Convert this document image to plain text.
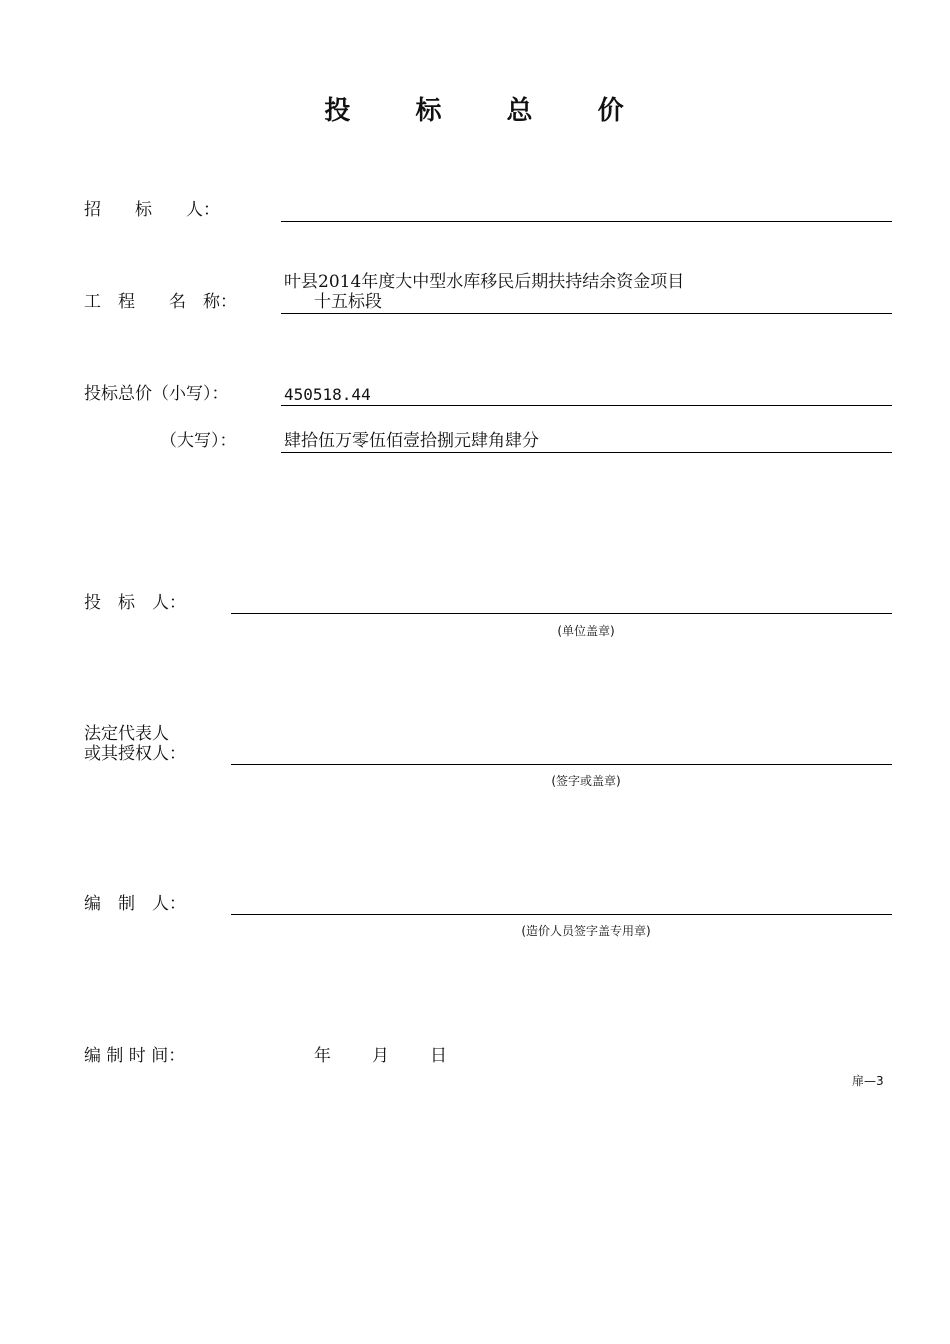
投 标 总 价
招　　标　　人：
工　程　　名　称：
叶县2014年度大中型水库移民后期扶持结余资金项目
十五标段
投标总价（小写）：	450518.44
（大写）：	肆拾伍万零伍佰壹拾捌元肆角肆分
投　标　人：
(单位盖章)
法定代表人
或其授权人：
(签字或盖章)
编　制　人：
(造价人员签字盖专用章)
编 制 时 间：	年 月 日
扉—3
